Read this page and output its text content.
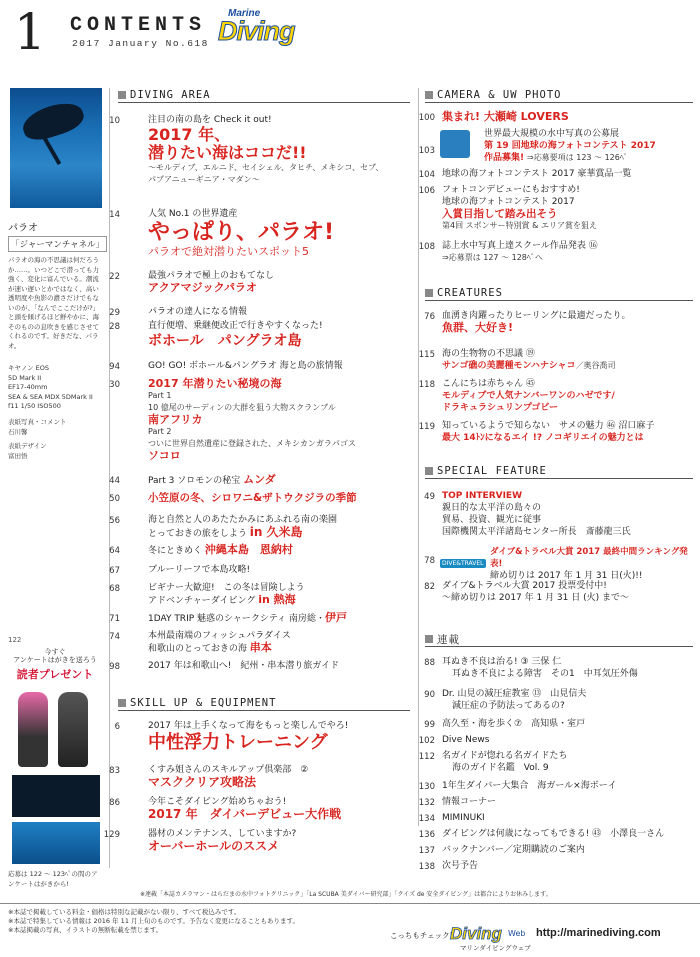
1 CONTENTS
2017 January No.618
Marine
Diving
パラオ
「ジャーマンチャネル」
パラオの海の不思議は何だろうか……。いつどこで潜っても力強く、変化に富んでいる。潮流が速い遅いとかではなく、高い透明度や魚影の濃さだけでもないのが、「なんでここだけが?」と頭を傾げるほど鮮やかに、海そのものの息吹きを感じさせてくれるのです。好きだな、パラオ。
キヤノン EOS
5D Mark II
EF17-40mm
SEA & SEA MDX 5DMark II
f11 1/50 ISO500
表紙写真・コメント
石川馨
表紙デザイン
富田悟
122
今すぐ
アンケートはがきを送ろう
読者プレゼント
応募は 122 〜 123ﾍﾟの間のアンケートはがきから!
DIVING AREA
10	注目の南の島を Check it out!
2017 年、
潜りたい海はココだ!!
〜モルディブ、エルニド、セイシェル、タヒチ、メキシコ、セブ、
パプアニューギニア・マダン〜
14	人気 No.1 の世界遺産
やっぱり、パラオ!
パラオで絶対潜りたいスポット5
22	最強パラオで極上のおもてなし
アクアマジックパラオ
29	パラオの達人になる情報
28	直行便増、乗継便改正で行きやすくなった!
ボホール　パングラオ島
94	GO! GO! ボホール&パングラオ 海と島の旅情報
30	2017 年潜りたい秘境の海
Part 1
10 億尾のサーディンの大群を狙う大物スクランブル
南アフリカ
Part 2
ついに世界自然遺産に登録された、メキシカンガラパゴス
ソコロ
44	Part 3 ソロモンの秘宝 ムンダ
50	小笠原の冬、シロワニ&ザトウクジラの季節
56	海と自然と人のあたたかみにあふれる南の楽園
とっておきの旅をしよう in 久米島
64	冬にときめく 沖縄本島　恩納村
67	ブルーリーフで本島攻略!
68	ビギナー大歓迎!　この冬は冒険しよう
アドベンチャーダイビング in 熱海
71	1DAY TRIP 魅惑のシャークシティ 南房総・伊戸
74	本州最南端のフィッシュパラダイス
和歌山のとっておきの海 串本
98	2017 年は和歌山へ!　紀州・串本潜り旅ガイド
SKILL UP & EQUIPMENT
6	2017 年は上手くなって海をもっと楽しんでやろ!
中性浮力トレーニング
83	くすみ姐さんのスキルアップ倶楽部　②
マスククリア攻略法
86	今年こそダイビング始めちゃおう!
2017 年　ダイバーデビュー大作戦
129	器材のメンテナンス、していますか?
オーバーホールのススメ
CAMERA & UW PHOTO
100 集まれ! 大瀬崎 LOVERS
103
世界最大規模の水中写真の公募展
第 19 回地球の海フォトコンテスト 2017
作品募集! ⇒応募要項は 123 〜 126ﾍﾟ
104 地球の海フォトコンテスト 2017 豪華賞品一覧
106 フォトコンデビューにもおすすめ!
地球の海フォトコンテスト 2017
入賞目指して踏み出そう
第4回 スポンサー特別賞 & エリア賞を狙え
108 誌上水中写真上達スクール作品発表 ⑯
⇒応募票は 127 〜 128ﾍﾟへ
CREATURES
76 血湧き肉躍ったりヒーリングに最適だったり。
魚群、大好き!
115 海の生物物の不思議 ⑲
サンゴ礁の美麗種モンハナシャコ／奥谷喬司
118 こんにちは赤ちゃん ㊺
モルディブで人気ナンバーワンのハゼです/
ドラキュラシュリンプゴビー
119 知っているようで知らない　サメの魅力 ㊻ 沼口麻子
最大 14ﾄﾝになるエイ !? ノコギリエイの魅力とは
SPECIAL FEATURE
49 TOP INTERVIEW
親日的な太平洋の島々の
貿易、投資、観光に従事
国際機関太平洋諸島センター所長　斎藤龍三氏
78	DIVE&TRAVEL
ダイブ&トラベル大賞 2017 最終中間ランキング発表!
締め切りは 2017 年 1 月 31 日(火)!!
82 ダイブ&トラベル大賞 2017 投票受付中!
〜締め切りは 2017 年 1 月 31 日 (火) まで〜
連載
88 耳ぬき不良は治る! ③ 三保 仁
耳ぬき不良による障害　その1　中耳気圧外傷
90 Dr. 山見の減圧症教室 ⑬　山見信夫
減圧症の予防法ってあるの?
99 高久至・海を歩く⑦　高知県・室戸
102 Dive News
112 名ガイドが惚れる名ガイドたち
海のガイド名鑑　Vol. 9
130 1年生ダイバー大集合　海ガール×海ボーイ
132 情報コーナー
134 MIMINUKI
136 ダイビングは何歳になってもできる! ㊸　小澤良一さん
137 バックナンバー／定期購読のご案内
138 次号予告
※連載「本誌カメラマン・はらだまの水中フォトクリニック」「La SCUBA 美ダイバー研究部」「クイズ de 安全ダイビング」は都合によりお休みします。
※本誌で掲載している料金・価格は特別な記載がない限り、すべて税込みです。
※本誌で特集している情報は 2016 年 11 月上旬のものです。予告なく変更になることもあります。
※本誌掲載の写真、イラストの無断転載を禁じます。
こっちもチェック!
Diving Web http://marinediving.com
マリンダイビングウェブ
